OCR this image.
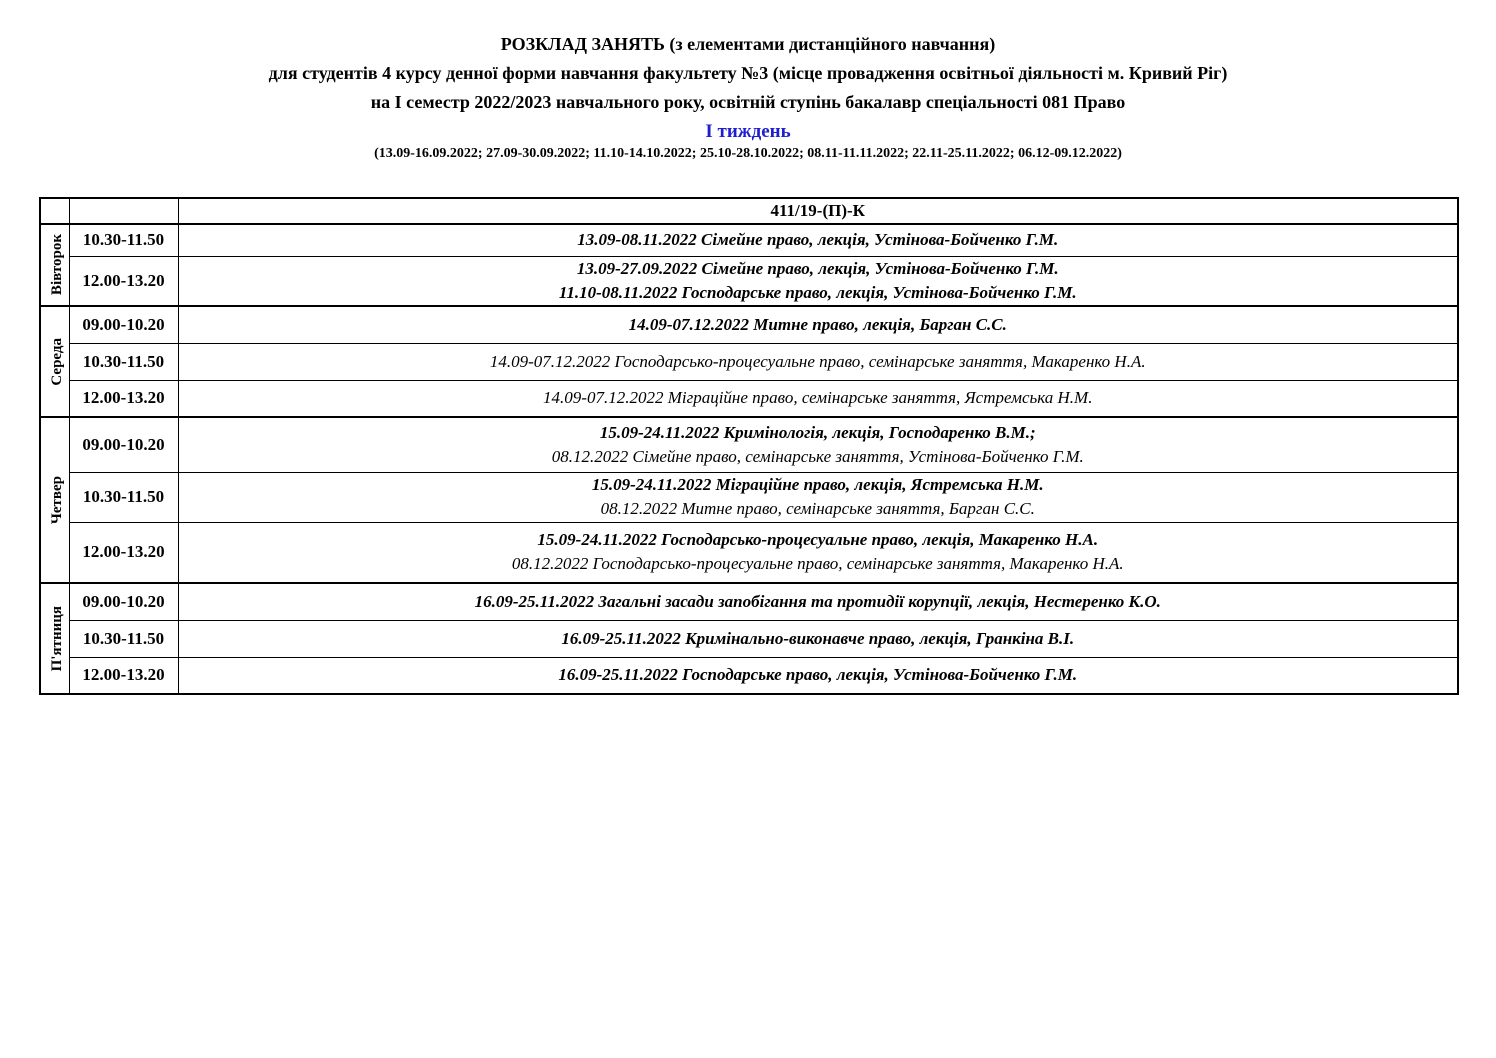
РОЗКЛАД ЗАНЯТЬ (з елементами дистанційного навчання)
для студентів 4 курсу денної форми навчання факультету №3 (місце провадження освітньої діяльності м. Кривий Ріг)
на І семестр 2022/2023 навчального року, освітній ступінь бакалавр спеціальності 081 Право
І тиждень
(13.09-16.09.2022; 27.09-30.09.2022; 11.10-14.10.2022; 25.10-28.10.2022; 08.11-11.11.2022; 22.11-25.11.2022; 06.12-09.12.2022)
		411/19-(П)-К

Вівторок	10.30-11.50	13.09-08.11.2022 Сімейне право, лекція, Устінова-Бойченко Г.М.

	12.00-13.20	13.09-27.09.2022 Сімейне право, лекція, Устінова-Бойченко Г.М.
11.10-08.11.2022 Господарське право, лекція, Устінова-Бойченко Г.М.

Середа	09.00-10.20	14.09-07.12.2022 Митне право, лекція, Барган С.С.

	10.30-11.50	14.09-07.12.2022 Господарсько-процесуальне право, семінарське заняття, Макаренко Н.А.

	12.00-13.20	14.09-07.12.2022 Міграційне право, семінарське заняття, Ястремська Н.М.

Четвер	09.00-10.20	15.09-24.11.2022 Кримінологія, лекція, Господаренко В.М.;
08.12.2022 Сімейне право, семінарське заняття, Устінова-Бойченко Г.М.

	10.30-11.50	15.09-24.11.2022 Міграційне право, лекція, Ястремська Н.М.
08.12.2022 Митне право, семінарське заняття, Барган С.С.

	12.00-13.20	15.09-24.11.2022 Господарсько-процесуальне право, лекція, Макаренко Н.А.
08.12.2022 Господарсько-процесуальне право, семінарське заняття, Макаренко Н.А.

П'ятниця	09.00-10.20	16.09-25.11.2022 Загальні засади запобігання та протидії корупції, лекція, Нестеренко К.О.

	10.30-11.50	16.09-25.11.2022 Кримінально-виконавче право, лекція, Гранкіна В.І.

	12.00-13.20	16.09-25.11.2022 Господарське право, лекція, Устінова-Бойченко Г.М.
